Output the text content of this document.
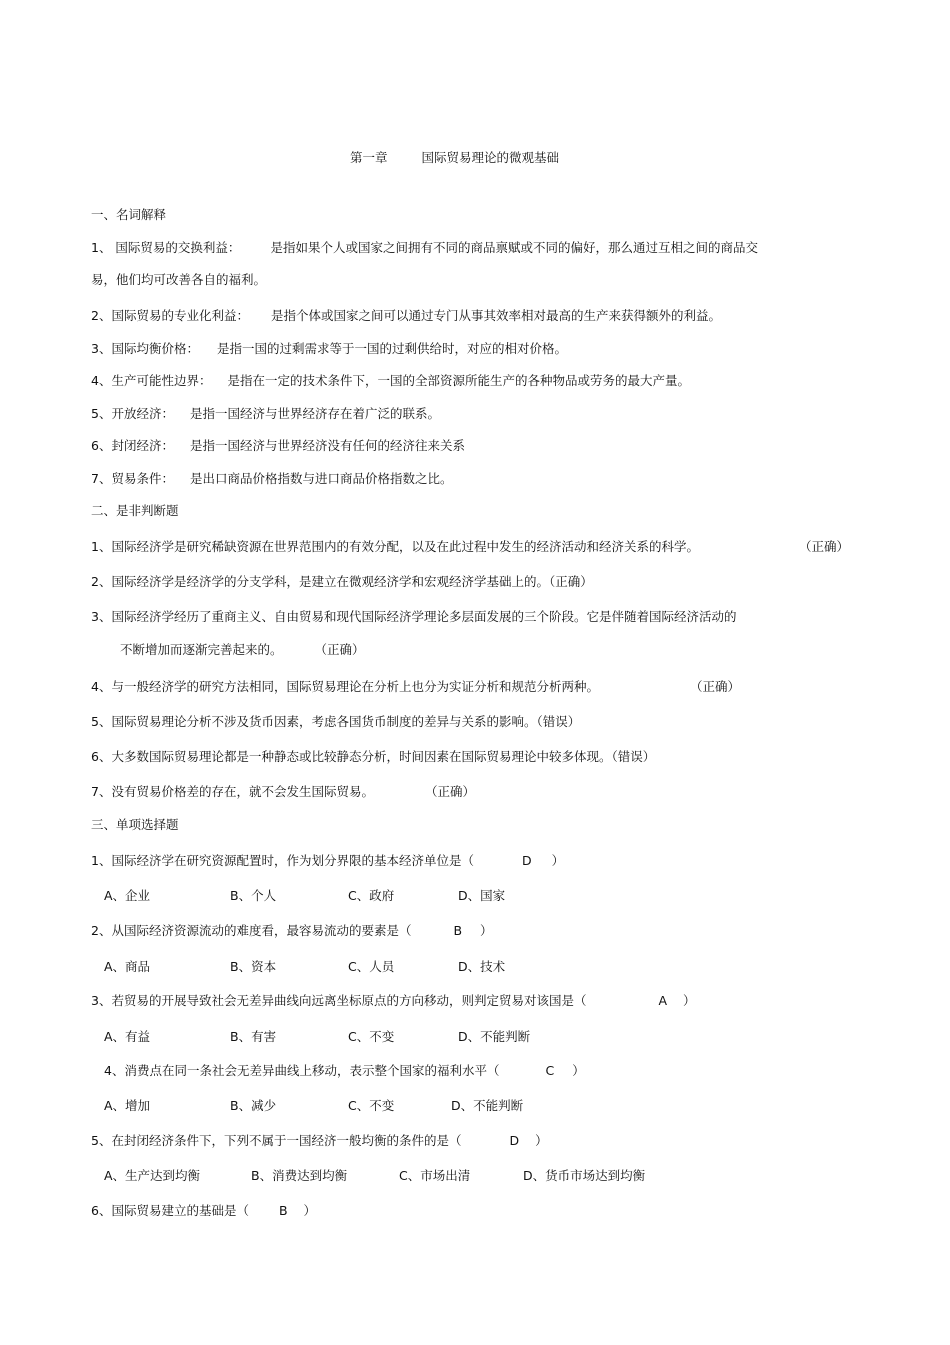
第一章	国际贸易理论的微观基础
一、名词解释
1、 国际贸易的交换利益： 是指如果个人或国家之间拥有不同的商品禀赋或不同的偏好，那么通过互相之间的商品交
易，他们均可改善各自的福利。
2、国际贸易的专业化利益： 是指个体或国家之间可以通过专门从事其效率相对最高的生产来获得额外的利益。
3、国际均衡价格： 是指一国的过剩需求等于一国的过剩供给时，对应的相对价格。
4、生产可能性边界： 是指在一定的技术条件下，一国的全部资源所能生产的各种物品或劳务的最大产量。
5、开放经济： 是指一国经济与世界经济存在着广泛的联系。
6、封闭经济： 是指一国经济与世界经济没有任何的经济往来关系
7、贸易条件： 是出口商品价格指数与进口商品价格指数之比。
二、是非判断题
1、国际经济学是研究稀缺资源在世界范围内的有效分配，以及在此过程中发生的经济活动和经济关系的科学。	（正确）
2、国际经济学是经济学的分支学科，是建立在微观经济学和宏观经济学基础上的。（正确）
3、国际经济学经历了重商主义、自由贸易和现代国际经济学理论多层面发展的三个阶段。它是伴随着国际经济活动的
不断增加而逐渐完善起来的。	（正确）
4、与一般经济学的研究方法相同，国际贸易理论在分析上也分为实证分析和规范分析两种。	（正确）
5、国际贸易理论分析不涉及货币因素，考虑各国货币制度的差异与关系的影响。（错误）
6、大多数国际贸易理论都是一种静态或比较静态分析，时间因素在国际贸易理论中较多体现。（错误）
7、没有贸易价格差的存在，就不会发生国际贸易。	（正确）
三、单项选择题
1、国际经济学在研究资源配置时，作为划分界限的基本经济单位是（	D ）
A、企业	B、个人	C、政府	D、国家
2、从国际经济资源流动的难度看，最容易流动的要素是（	B ）
A、商品	B、资本	C、人员	D、技术
3、若贸易的开展导致社会无差异曲线向远离坐标原点的方向移动，则判定贸易对该国是（	A ）
A、有益	B、有害	C、不变	D、不能判断
4、消费点在同一条社会无差异曲线上移动，表示整个国家的福利水平（	C ）
A、增加	B、减少	C、不变	D、不能判断
5、在封闭经济条件下，下列不属于一国经济一般均衡的条件的是（	D ）
A、生产达到均衡	B、消费达到均衡	C、市场出清	D、货币市场达到均衡
6、国际贸易建立的基础是（ B ）
